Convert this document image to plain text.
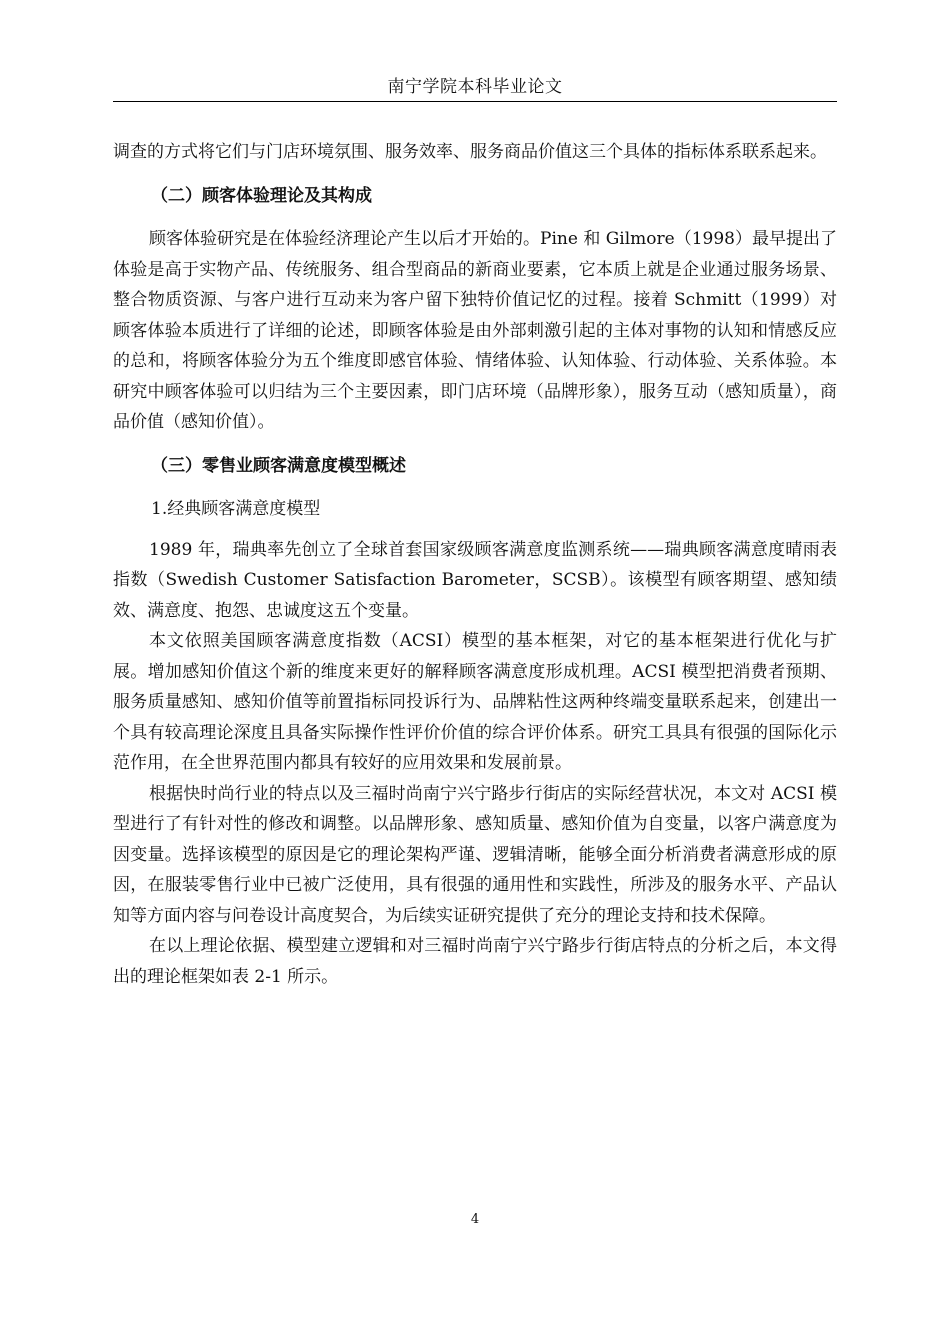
南宁学院本科毕业论文

调查的方式将它们与门店环境氛围、服务效率、服务商品价值这三个具体的指标体系联系起来。

（二）顾客体验理论及其构成

顾客体验研究是在体验经济理论产生以后才开始的。Pine 和 Gilmore（1998）最早提出了体验是高于实物产品、传统服务、组合型商品的新商业要素，它本质上就是企业通过服务场景、整合物质资源、与客户进行互动来为客户留下独特价值记忆的过程。接着 Schmitt（1999）对顾客体验本质进行了详细的论述，即顾客体验是由外部刺激引起的主体对事物的认知和情感反应的总和，将顾客体验分为五个维度即感官体验、情绪体验、认知体验、行动体验、关系体验。本研究中顾客体验可以归结为三个主要因素，即门店环境（品牌形象），服务互动（感知质量），商品价值（感知价值）。

（三）零售业顾客满意度模型概述

1.经典顾客满意度模型

1989 年，瑞典率先创立了全球首套国家级顾客满意度监测系统——瑞典顾客满意度晴雨表指数（Swedish Customer Satisfaction Barometer，SCSB）。该模型有顾客期望、感知绩效、满意度、抱怨、忠诚度这五个变量。

本文依照美国顾客满意度指数（ACSI）模型的基本框架，对它的基本框架进行优化与扩展。增加感知价值这个新的维度来更好的解释顾客满意度形成机理。ACSI 模型把消费者预期、服务质量感知、感知价值等前置指标同投诉行为、品牌粘性这两种终端变量联系起来，创建出一个具有较高理论深度且具备实际操作性评价价值的综合评价体系。研究工具具有很强的国际化示范作用，在全世界范围内都具有较好的应用效果和发展前景。

根据快时尚行业的特点以及三福时尚南宁兴宁路步行街店的实际经营状况，本文对 ACSI 模型进行了有针对性的修改和调整。以品牌形象、感知质量、感知价值为自变量，以客户满意度为因变量。选择该模型的原因是它的理论架构严谨、逻辑清晰，能够全面分析消费者满意形成的原因，在服装零售行业中已被广泛使用，具有很强的通用性和实践性，所涉及的服务水平、产品认知等方面内容与问卷设计高度契合，为后续实证研究提供了充分的理论支持和技术保障。

在以上理论依据、模型建立逻辑和对三福时尚南宁兴宁路步行街店特点的分析之后，本文得出的理论框架如表 2-1 所示。

4
